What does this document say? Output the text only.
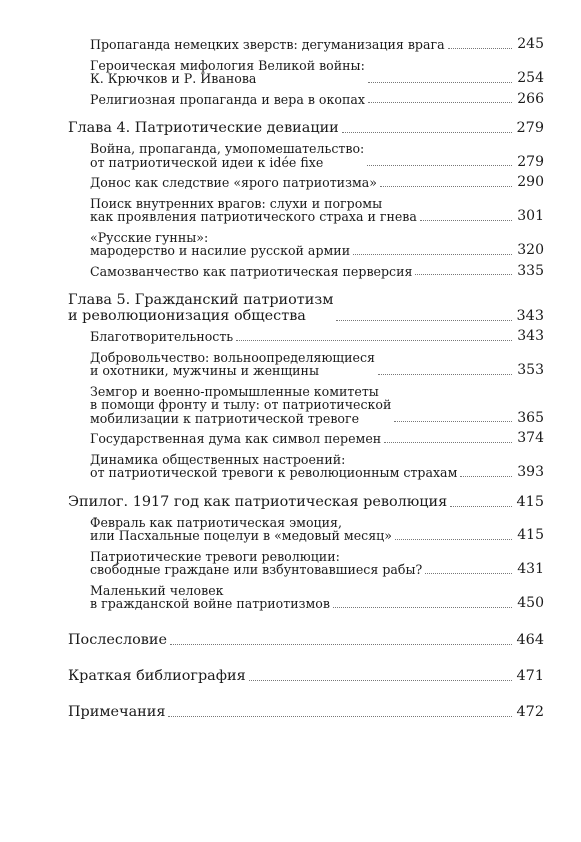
Пропаганда немецких зверств: дегуманизация врага	245
Героическая мифология Великой войны:
К. Крючков и Р. Иванова	254
Религиозная пропаганда и вера в окопах	266
Глава 4. Патриотические девиации	279
Война, пропаганда, умопомешательство:
от патриотической идеи к idée fixe	279
Донос как следствие «ярого патриотизма»	290
Поиск внутренних врагов: слухи и погромы
как проявления патриотического страха и гнева	301
«Русские гунны»:
мародерство и насилие русской армии	320
Самозванчество как патриотическая перверсия	335
Глава 5. Гражданский патриотизм
и революционизация общества	343
Благотворительность	343
Добровольчество: вольноопределяющиеся
и охотники, мужчины и женщины	353
Земгор и военно-промышленные комитеты
в помощи фронту и тылу: от патриотической
мобилизации к патриотической тревоге	365
Государственная дума как символ перемен	374
Динамика общественных настроений:
от патриотической тревоги к революционным страхам	393
Эпилог. 1917 год как патриотическая революция	415
Февраль как патриотическая эмоция,
или Пасхальные поцелуи в «медовый месяц»	415
Патриотические тревоги революции:
свободные граждане или взбунтовавшиеся рабы?	431
Маленький человек
в гражданской войне патриотизмов	450
Послесловие	464
Краткая библиография	471
Примечания	472
